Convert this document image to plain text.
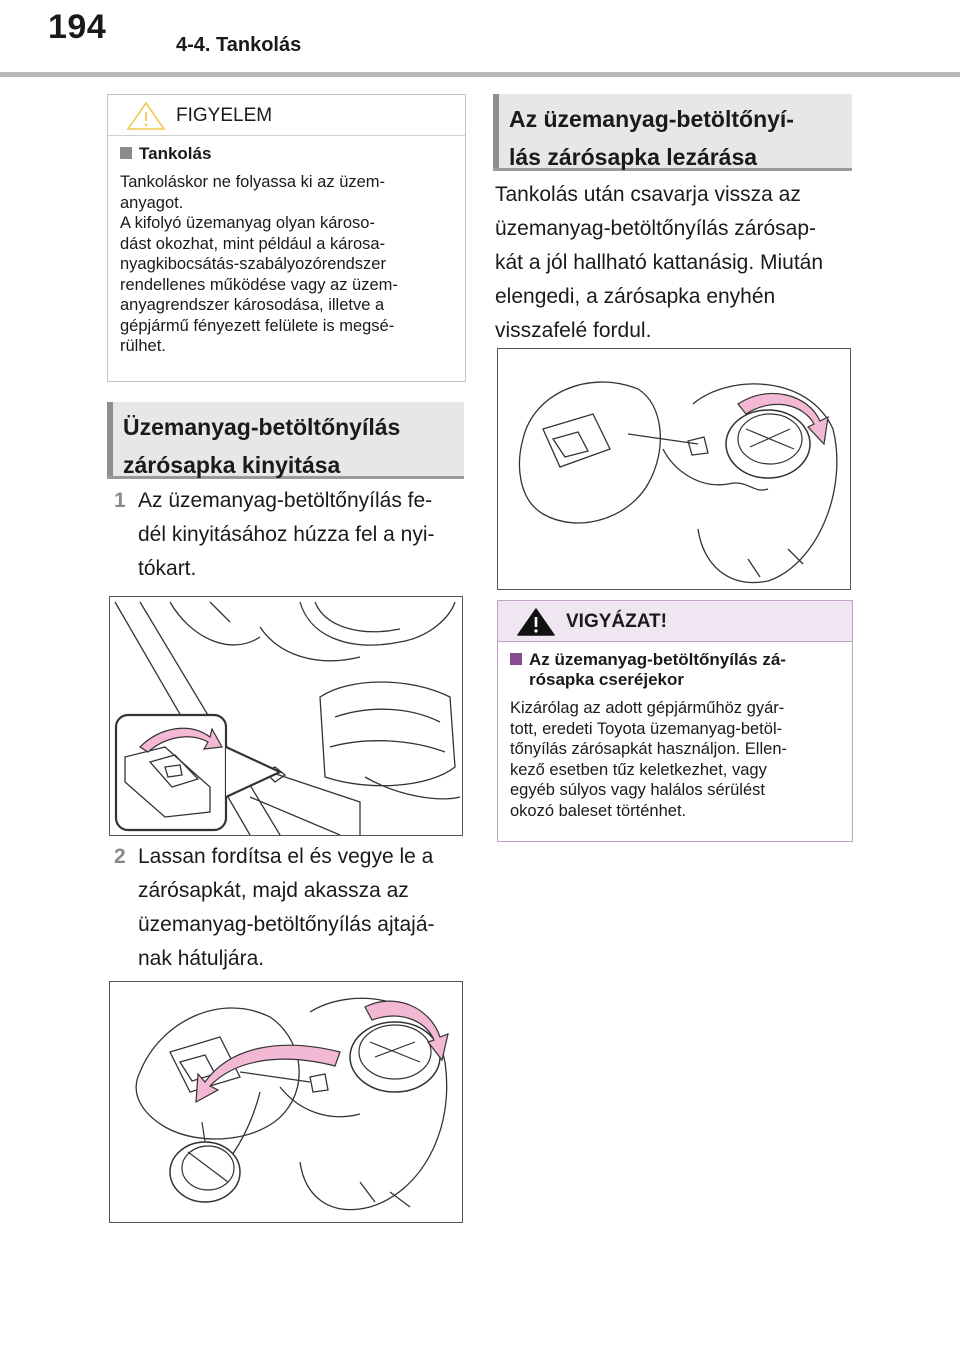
194	4-4. Tankolás
FIGYELEM
Tankolás
Tankoláskor ne folyassa ki az üzem-
anyagot.
A kifolyó üzemanyag olyan károso-
dást okozhat, mint például a károsa-
nyagkibocsátás-szabályozórendszer
rendellenes működése vagy az üzem-
anyagrendszer károsodása, illetve a
gépjármű fényezett felülete is megsé-
rülhet.
Üzemanyag-betöltőnyílás
zárósapka kinyitása
1 Az üzemanyag-betöltőnyílás fe-
dél kinyitásához húzza fel a nyi-
tókart.
2 Lassan fordítsa el és vegye le a
zárósapkát, majd akassza az
üzemanyag-betöltőnyílás ajtajá-
nak hátuljára.
Az üzemanyag-betöltőnyí-
lás zárósapka lezárása
Tankolás után csavarja vissza az
üzemanyag-betöltőnyílás zárósap-
kát a jól hallható kattanásig. Miután
elengedi, a zárósapka enyhén
visszafelé fordul.
VIGYÁZAT!
Az üzemanyag-betöltőnyílás zá-
rósapka cseréjekor
Kizárólag az adott gépjárműhöz gyár-
tott, eredeti Toyota üzemanyag-betöl-
tőnyílás zárósapkát használjon. Ellen-
kező esetben tűz keletkezhet, vagy
egyéb súlyos vagy halálos sérülést
okozó baleset történhet.
